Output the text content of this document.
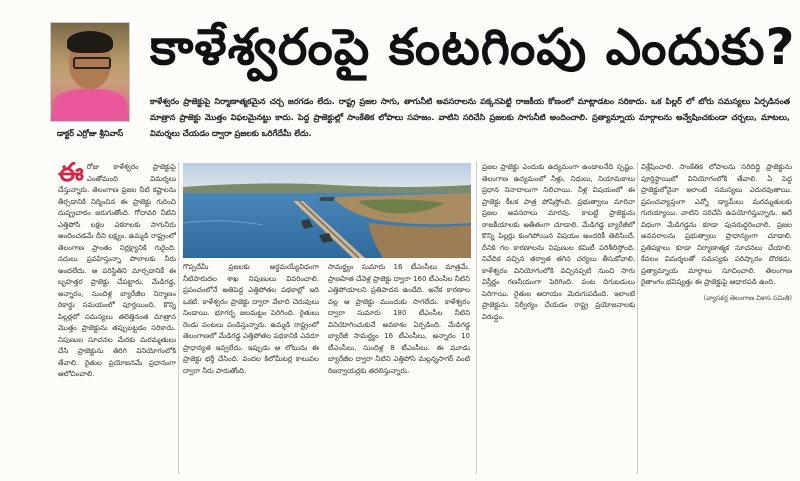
డాక్టర్ ఎర్రోజు శ్రీనివాస్
కాళేశ్వరంపై కంటగింపు ఎందుకు?
కాళేశ్వరం ప్రాజెక్టుపై నిర్మాణాత్మకమైన చర్చ జరగడం లేదు. రాష్ట్ర ప్రజల సాగు, తాగునీటి అవసరాలను పక్కనపెట్టి రాజకీయ కోణంలో మాట్లాడటం సరికాదు. ఒక పిల్లర్ లో బోరు సమస్యలు ఏర్పడినంత మాత్రాన ప్రాజెక్టు మొత్తం విఫలమైనట్టు కాదు. పెద్ద ప్రాజెక్టుల్లో సాంకేతిక లోపాలు సహజం. వాటిని సరిచేసి ప్రజలకు సాగునీటి అందించాలి. ప్రత్యామ్నాయ మార్గాలను అన్వేషించకుండా చర్చలు, మాటలు, విమర్శలు చేయడం ద్వారా ప్రజలకు ఒరిగేదేమీ లేదు.
ఈ రోజు కాళేశ్వరం ప్రాజెక్టుపై ఎంతోమంది విమర్శలు చేస్తున్నారు. తెలంగాణ ప్రజల నీటి కష్టాలను తీర్చడానికి నిర్మించిన ఈ ప్రాజెక్టు గురించి దుష్ప్రచారం జరుగుతోంది. గోదావరి నీటిని ఎత్తిపోసి లక్షల ఎకరాలకు సాగునీరు అందించడమే దీని లక్ష్యం. ఉమ్మడి రాష్ట్రంలో తెలంగాణ ప్రాంతం నిర్లక్ష్యానికి గురైంది. నదులు ప్రవహిస్తున్నా పొలాలకు నీరు అందలేదు. ఆ పరిస్థితిని మార్చడానికే ఈ బృహత్తర ప్రాజెక్టు చేపట్టారు. మేడిగడ్డ, అన్నారం, సుందిళ్ల బ్యారేజీల నిర్మాణం రికార్డు సమయంలో పూర్తయింది. కొన్ని పిల్లర్లలో సమస్యలు తలెత్తినంత మాత్రాన మొత్తం ప్రాజెక్టును తప్పుబట్టడం సరికాదు. నిపుణుల సూచనల మేరకు మరమ్మతులు చేసి ప్రాజెక్టును తిరిగి వినియోగంలోకి తేవాలి. రైతుల ప్రయోజనమే ప్రధానంగా ఆలోచించాలి.
గొప్పదేమీ ప్రజలకు అర్థమయ్యేవిధంగా నీటిపారుదల శాఖ నిపుణులు వివరించాలి. ప్రపంచంలోనే అతిపెద్ద ఎత్తిపోతల పథకాల్లో ఇది ఒకటి. కాళేశ్వరం ప్రాజెక్టు ద్వారా వేలాది చెరువులు నిండాయి. భూగర్భ జలమట్టం పెరిగింది. రైతులు రెండు పంటలు పండిస్తున్నారు. ఉమ్మడి రాష్ట్రంలో తెలంగాణలో మేడిగడ్డ ఎత్తిపోతల పథకానికి ఎవరూ ప్రాధాన్యత ఇవ్వలేదు. ఇప్పుడు ఆ లోటును ఈ ప్రాజెక్టు భర్తీ చేసింది. వందల కిలోమీటర్ల కాలువల ద్వారా నీరు పారుతోంది.
సామర్థ్యం సుమారు 16 టీఎంసీలు మాత్రమే. ప్రాణహిత చేవెళ్ల ప్రాజెక్టు ద్వారా 160 టీఎంసీల నీటిని ఎత్తిపోయాలని ప్రతిపాదన ఉండేది. అనేక కారణాల వల్ల ఆ ప్రాజెక్టు ముందుకు సాగలేదు. కాళేశ్వరం ద్వారా సుమారు 180 టీఎంసీల నీటిని వినియోగించుకునే అవకాశం ఏర్పడింది. మేడిగడ్డ బ్యారేజీ సామర్థ్యం 16 టీఎంసీలు, అన్నారం 10 టీఎంసీలు, సుందిళ్ల 8 టీఎంసీలు. ఈ మూడు బ్యారేజీల ద్వారా నీటిని ఎత్తిపోసి మల్లన్నసాగర్ వంటి రిజర్వాయర్లకు తరలిస్తున్నారు.
ప్రజల ప్రాజెక్టు ఎందుకు ఉద్యమంగా ఉండాలనేది స్పష్టం. తెలంగాణ ఉద్యమంలో నీళ్లు, నిధులు, నియామకాలు ప్రధాన నినాదాలుగా నిలిచాయి. నీళ్ల విషయంలో ఈ ప్రాజెక్టు కీలక పాత్ర పోషిస్తోంది. ప్రభుత్వాలు మారినా ప్రజల అవసరాలు మారవు. కాబట్టి ప్రాజెక్టును రాజకీయాలకు అతీతంగా చూడాలి. మేడిగడ్డ బ్యారేజీలో కొన్ని పిల్లర్లు కుంగిపోయిన విషయం అందరికీ తెలిసిందే. దీనికి గల కారణాలను నిపుణుల కమిటీ పరిశీలిస్తోంది. నివేదిక వచ్చిన తర్వాత తగిన చర్యలు తీసుకోవాలి. కాళేశ్వరం వినియోగంలోకి వచ్చినప్పటి నుంచి సాగు విస్తీర్ణం గణనీయంగా పెరిగింది. పంట దిగుబడులు పెరిగాయి. రైతుల ఆదాయం మెరుగుపడింది. ఇలాంటి ప్రాజెక్టును నిర్వీర్యం చేయడం రాష్ట్ర ప్రయోజనాలకు విరుద్ధం.
విశ్లేషించాలి. సాంకేతిక లోపాలను సరిదిద్ది ప్రాజెక్టును పూర్తిస్థాయిలో వినియోగంలోకి తేవాలి. ఏ పెద్ద ప్రాజెక్టులోనైనా ఇలాంటి సమస్యలు ఎదురవుతాయి. ప్రపంచవ్యాప్తంగా ఎన్నో డ్యామ్‌లు మరమ్మతులకు గురయ్యాయి. వాటిని సరిచేసి ఉపయోగిస్తున్నారు. అదే విధంగా మేడిగడ్డను కూడా పునరుద్ధరించాలి. ప్రజల అవసరాలను ప్రభుత్వాలు ప్రాధాన్యంగా చూడాలి. ప్రతిపక్షాలు కూడా నిర్మాణాత్మక సూచనలు చేయాలి. కేవలం విమర్శలతో సమస్యకు పరిష్కారం దొరకదు. ప్రత్యామ్నాయ మార్గాలు సూచించాలి. తెలంగాణ రైతాంగం భవిష్యత్తు ఈ ప్రాజెక్టుపై ఆధారపడి ఉంది.
(వ్యాసకర్త తెలంగాణ వికాస సమితి)
